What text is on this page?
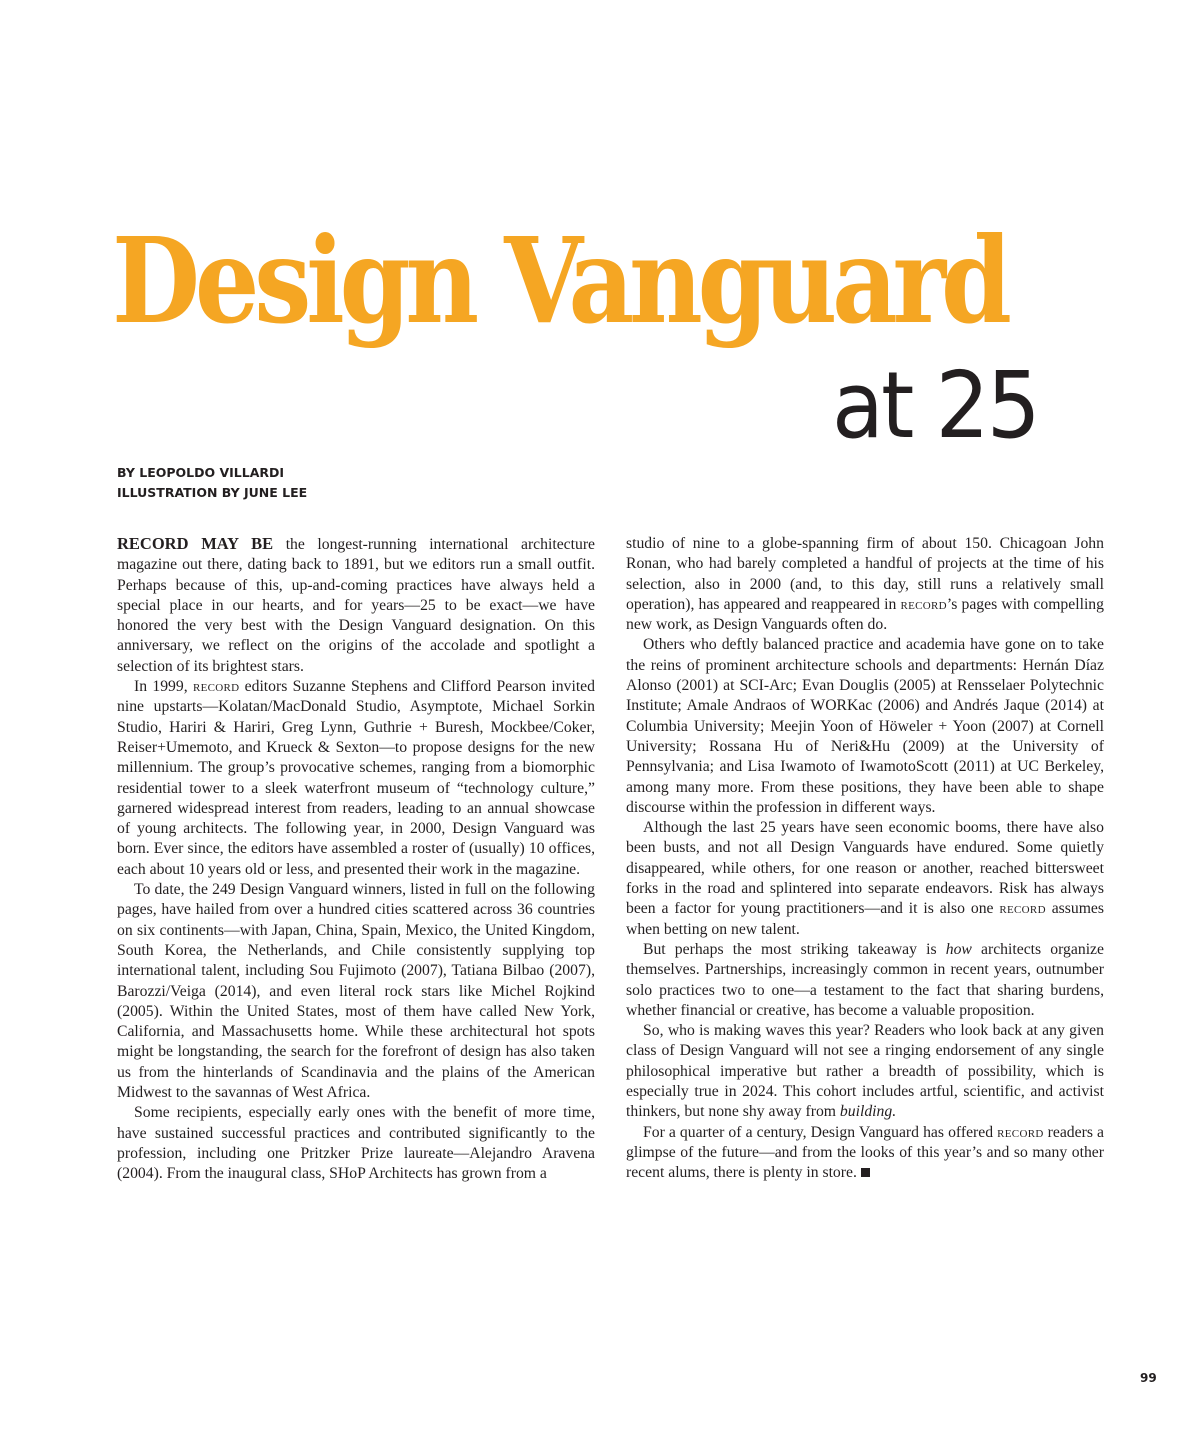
Design Vanguard
at 25
BY LEOPOLDO VILLARDI
ILLUSTRATION BY JUNE LEE

RECORD MAY BE the longest-running international architecture magazine out there, dating back to 1891, but we editors run a small outfit. Perhaps because of this, up-and-coming practices have always held a special place in our hearts, and for years—25 to be exact—we have honored the very best with the Design Vanguard designation. On this anniversary, we reflect on the origins of the accolade and spotlight a selection of its brightest stars.

In 1999, record editors Suzanne Stephens and Clifford Pearson invited nine upstarts—Kolatan/MacDonald Studio, Asymptote, Michael Sorkin Studio, Hariri & Hariri, Greg Lynn, Guthrie + Buresh, Mockbee/Coker, Reiser+Umemoto, and Krueck & Sexton—to propose designs for the new millennium. The group’s provocative schemes, ranging from a biomorphic residential tower to a sleek waterfront museum of “technology culture,” garnered widespread interest from readers, leading to an annual showcase of young architects. The following year, in 2000, Design Vanguard was born. Ever since, the editors have assembled a roster of (usually) 10 offices, each about 10 years old or less, and presented their work in the magazine.

To date, the 249 Design Vanguard winners, listed in full on the following pages, have hailed from over a hundred cities scattered across 36 countries on six continents—with Japan, China, Spain, Mexico, the United Kingdom, South Korea, the Netherlands, and Chile consistently supplying top international talent, including Sou Fujimoto (2007), Tatiana Bilbao (2007), Barozzi/Veiga (2014), and even literal rock stars like Michel Rojkind (2005). Within the United States, most of them have called New York, California, and Massachusetts home. While these architectural hot spots might be longstanding, the search for the forefront of design has also taken us from the hinterlands of Scandinavia and the plains of the American Midwest to the savannas of West Africa.

Some recipients, especially early ones with the benefit of more time, have sustained successful practices and contributed significantly to the profession, including one Pritzker Prize laureate—Alejandro Aravena (2004). From the inaugural class, SHoP Architects has grown from a

studio of nine to a globe-spanning firm of about 150. Chicagoan John Ronan, who had barely completed a handful of projects at the time of his selection, also in 2000 (and, to this day, still runs a relatively small operation), has appeared and reappeared in record’s pages with compelling new work, as Design Vanguards often do.

Others who deftly balanced practice and academia have gone on to take the reins of prominent architecture schools and departments: Hernán Díaz Alonso (2001) at SCI-Arc; Evan Douglis (2005) at Rensselaer Polytechnic Institute; Amale Andraos of WORKac (2006) and Andrés Jaque (2014) at Columbia University; Meejin Yoon of Höweler + Yoon (2007) at Cornell University; Rossana Hu of Neri&Hu (2009) at the University of Pennsylvania; and Lisa Iwamoto of IwamotoScott (2011) at UC Berkeley, among many more. From these positions, they have been able to shape discourse within the profession in different ways.

Although the last 25 years have seen economic booms, there have also been busts, and not all Design Vanguards have endured. Some quietly disappeared, while others, for one reason or another, reached bittersweet forks in the road and splintered into separate endeavors. Risk has always been a factor for young practitioners—and it is also one record assumes when betting on new talent.

But perhaps the most striking takeaway is how architects organize themselves. Partnerships, increasingly common in recent years, outnumber solo practices two to one—a testament to the fact that sharing burdens, whether financial or creative, has become a valuable proposition.

So, who is making waves this year? Readers who look back at any given class of Design Vanguard will not see a ringing endorsement of any single philosophical imperative but rather a breadth of possibility, which is especially true in 2024. This cohort includes artful, scientific, and activist thinkers, but none shy away from building.

For a quarter of a century, Design Vanguard has offered record readers a glimpse of the future—and from the looks of this year’s and so many other recent alums, there is plenty in store.

99
